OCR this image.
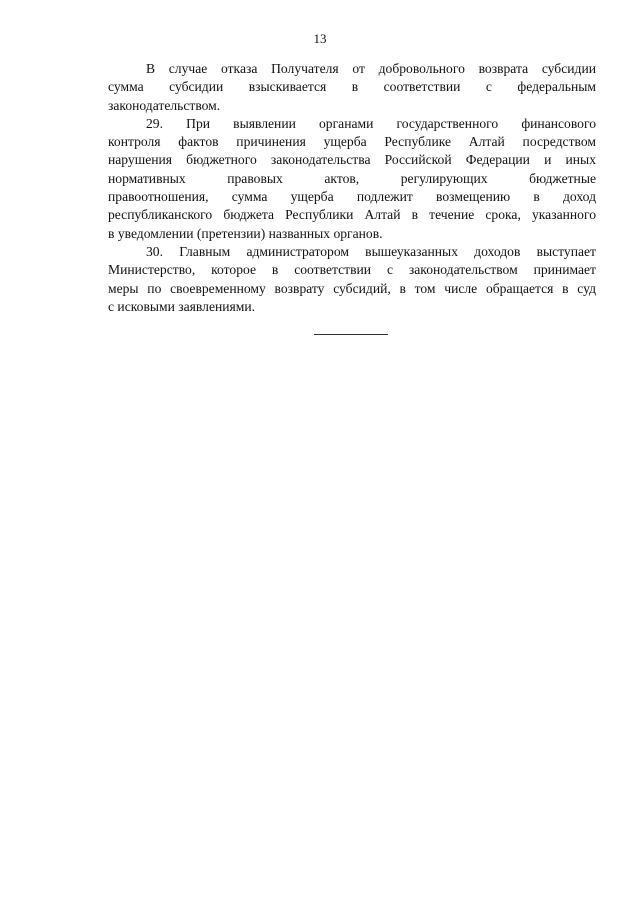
13

В случае отказа Получателя от добровольного возврата субсидии
сумма субсидии взыскивается в соответствии с федеральным
законодательством.

29. При выявлении органами государственного финансового
контроля фактов причинения ущерба Республике Алтай посредством
нарушения бюджетного законодательства Российской Федерации и иных
нормативных правовых актов, регулирующих бюджетные
правоотношения, сумма ущерба подлежит возмещению в доход
республиканского бюджета Республики Алтай в течение срока, указанного
в уведомлении (претензии) названных органов.

30. Главным администратором вышеуказанных доходов выступает
Министерство, которое в соответствии с законодательством принимает
меры по своевременному возврату субсидий, в том числе обращается в суд
с исковыми заявлениями.
